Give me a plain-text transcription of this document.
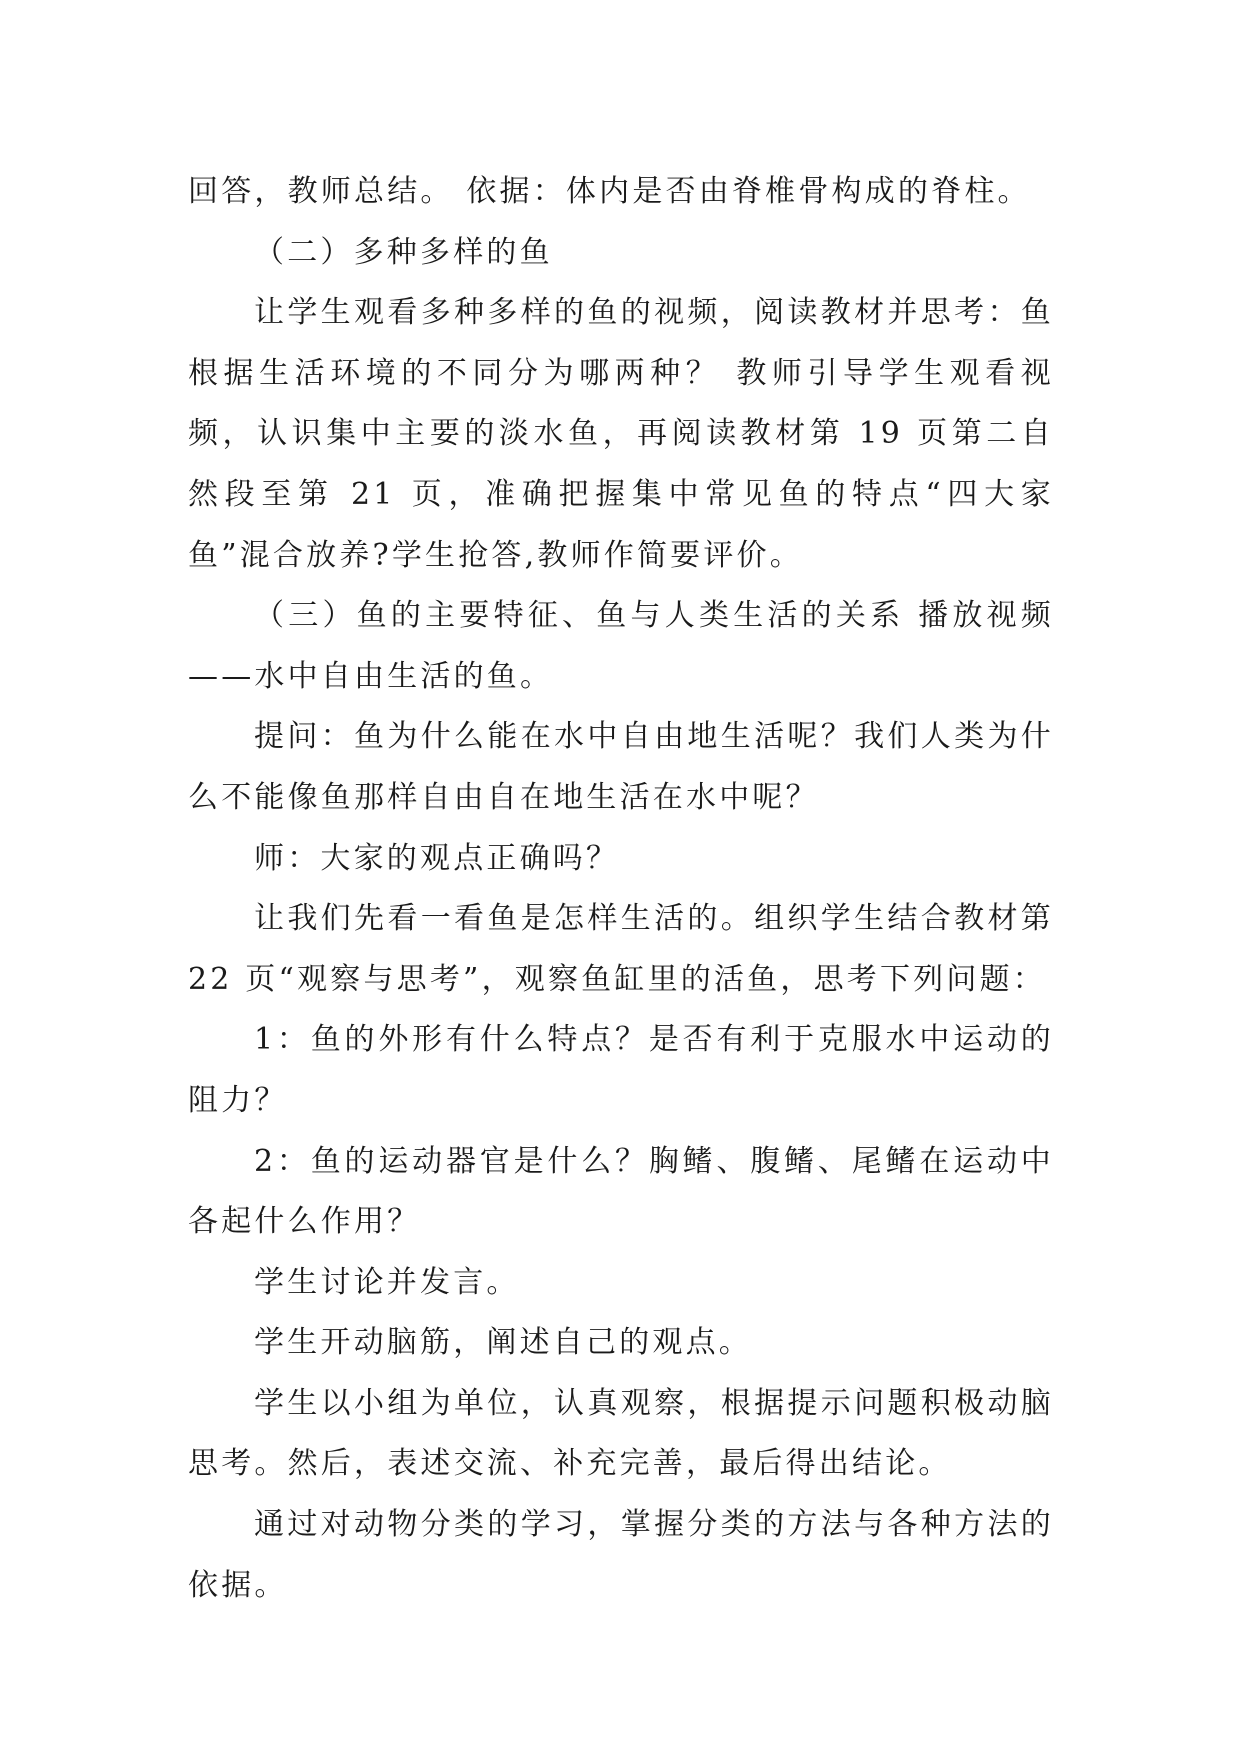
回答，教师总结。 依据：体内是否由脊椎骨构成的脊柱。

（二）多种多样的鱼

让学生观看多种多样的鱼的视频，阅读教材并思考：鱼根据生活环境的不同分为哪两种？ 教师引导学生观看视频，认识集中主要的淡水鱼，再阅读教材第 19 页第二自然段至第 21 页，准确把握集中常见鱼的特点“四大家鱼”混合放养?学生抢答,教师作简要评价。

（三）鱼的主要特征、鱼与人类生活的关系 播放视频——水中自由生活的鱼。

提问：鱼为什么能在水中自由地生活呢？我们人类为什么不能像鱼那样自由自在地生活在水中呢？

师：大家的观点正确吗？

让我们先看一看鱼是怎样生活的。组织学生结合教材第 22 页“观察与思考”，观察鱼缸里的活鱼，思考下列问题：

1：鱼的外形有什么特点？是否有利于克服水中运动的阻力？

2：鱼的运动器官是什么？胸鳍、腹鳍、尾鳍在运动中各起什么作用？

学生讨论并发言。

学生开动脑筋，阐述自己的观点。

学生以小组为单位，认真观察，根据提示问题积极动脑思考。然后，表述交流、补充完善，最后得出结论。

通过对动物分类的学习，掌握分类的方法与各种方法的依据。
